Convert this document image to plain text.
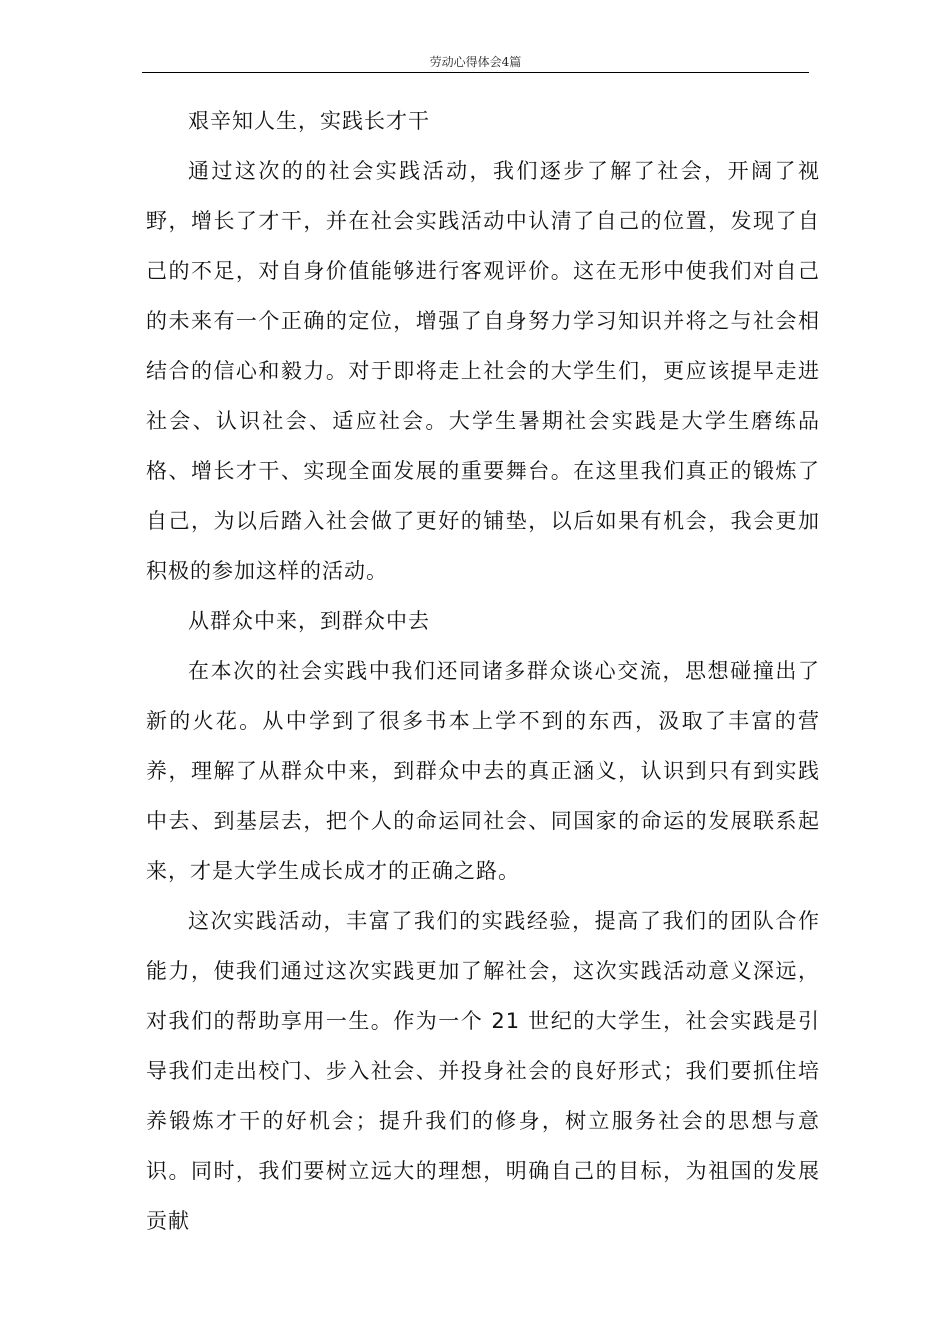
劳动心得体会4篇

艰辛知人生，实践长才干

通过这次的的社会实践活动，我们逐步了解了社会，开阔了视野，增长了才干，并在社会实践活动中认清了自己的位置，发现了自己的不足，对自身价值能够进行客观评价。这在无形中使我们对自己的未来有一个正确的定位，增强了自身努力学习知识并将之与社会相结合的信心和毅力。对于即将走上社会的大学生们，更应该提早走进社会、认识社会、适应社会。大学生暑期社会实践是大学生磨练品格、增长才干、实现全面发展的重要舞台。在这里我们真正的锻炼了自己，为以后踏入社会做了更好的铺垫，以后如果有机会，我会更加积极的参加这样的活动。

从群众中来，到群众中去

在本次的社会实践中我们还同诸多群众谈心交流，思想碰撞出了新的火花。从中学到了很多书本上学不到的东西，汲取了丰富的营养，理解了从群众中来，到群众中去的真正涵义，认识到只有到实践中去、到基层去，把个人的命运同社会、同国家的命运的发展联系起来，才是大学生成长成才的正确之路。

这次实践活动，丰富了我们的实践经验，提高了我们的团队合作能力，使我们通过这次实践更加了解社会，这次实践活动意义深远，对我们的帮助享用一生。作为一个 21 世纪的大学生，社会实践是引导我们走出校门、步入社会、并投身社会的良好形式；我们要抓住培养锻炼才干的好机会；提升我们的修身，树立服务社会的思想与意识。同时，我们要树立远大的理想，明确自己的目标，为祖国的发展贡献
